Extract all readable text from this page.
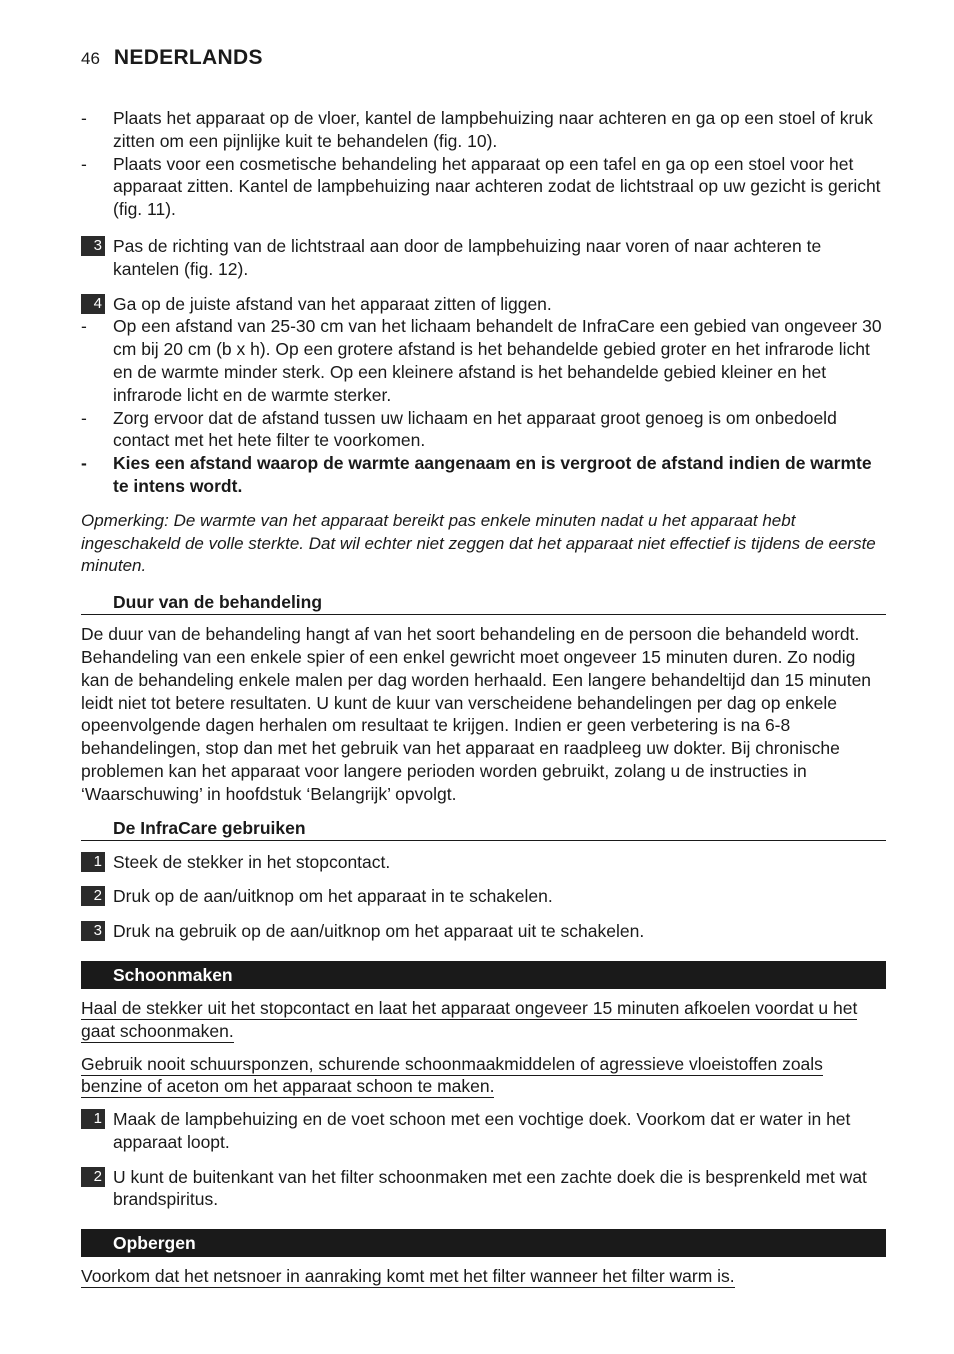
46 NEDERLANDS
-	Plaats het apparaat op de vloer, kantel de lampbehuizing naar achteren en ga op een stoel of kruk zitten om een pijnlijke kuit te behandelen (fig. 10).
-	Plaats voor een cosmetische behandeling het apparaat op een tafel en ga op een stoel voor het apparaat zitten. Kantel de lampbehuizing naar achteren zodat de lichtstraal op uw gezicht is gericht (fig. 11).
3 Pas de richting van de lichtstraal aan door de lampbehuizing naar voren of naar achteren te kantelen (fig. 12).
4 Ga op de juiste afstand van het apparaat zitten of liggen.
-	Op een afstand van 25-30 cm van het lichaam behandelt de InfraCare een gebied van ongeveer 30 cm bij 20 cm (b x h). Op een grotere afstand is het behandelde gebied groter en het infrarode licht en de warmte minder sterk. Op een kleinere afstand is het behandelde gebied kleiner en het infrarode licht en de warmte sterker.
-	Zorg ervoor dat de afstand tussen uw lichaam en het apparaat groot genoeg is om onbedoeld contact met het hete filter te voorkomen.
-	Kies een afstand waarop de warmte aangenaam en is vergroot de afstand indien de warmte te intens wordt.
Opmerking: De warmte van het apparaat bereikt pas enkele minuten nadat u het apparaat hebt ingeschakeld de volle sterkte. Dat wil echter niet zeggen dat het apparaat niet effectief is tijdens de eerste minuten.
Duur van de behandeling
De duur van de behandeling hangt af van het soort behandeling en de persoon die behandeld wordt. Behandeling van een enkele spier of een enkel gewricht moet ongeveer 15 minuten duren. Zo nodig kan de behandeling enkele malen per dag worden herhaald. Een langere behandeltijd dan 15 minuten leidt niet tot betere resultaten. U kunt de kuur van verscheidene behandelingen per dag op enkele opeenvolgende dagen herhalen om resultaat te krijgen. Indien er geen verbetering is na 6-8 behandelingen, stop dan met het gebruik van het apparaat en raadpleeg uw dokter. Bij chronische problemen kan het apparaat voor langere perioden worden gebruikt, zolang u de instructies in ‘Waarschuwing’ in hoofdstuk ‘Belangrijk’ opvolgt.
De InfraCare gebruiken
1 Steek de stekker in het stopcontact.
2 Druk op de aan/uitknop om het apparaat in te schakelen.
3 Druk na gebruik op de aan/uitknop om het apparaat uit te schakelen.
Schoonmaken
Haal de stekker uit het stopcontact en laat het apparaat ongeveer 15 minuten afkoelen voordat u het gaat schoonmaken.
Gebruik nooit schuursponzen, schurende schoonmaakmiddelen of agressieve vloeistoffen zoals benzine of aceton om het apparaat schoon te maken.
1 Maak de lampbehuizing en de voet schoon met een vochtige doek. Voorkom dat er water in het apparaat loopt.
2 U kunt de buitenkant van het filter schoonmaken met een zachte doek die is besprenkeld met wat brandspiritus.
Opbergen
Voorkom dat het netsnoer in aanraking komt met het filter wanneer het filter warm is.
